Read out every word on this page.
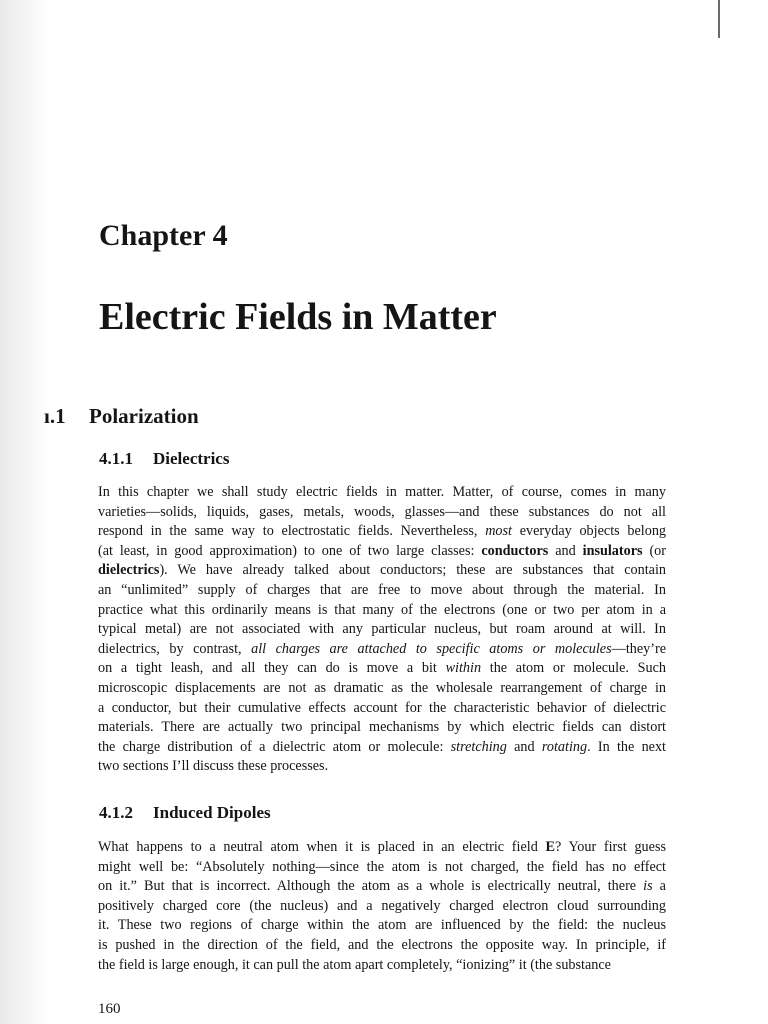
Chapter 4
Electric Fields in Matter
ı.1 Polarization
4.1.1 Dielectrics
In this chapter we shall study electric fields in matter. Matter, of course, comes in many
varieties—solids, liquids, gases, metals, woods, glasses—and these substances do not all
respond in the same way to electrostatic fields. Nevertheless, most everyday objects belong
(at least, in good approximation) to one of two large classes: conductors and insulators (or
dielectrics). We have already talked about conductors; these are substances that contain
an “unlimited” supply of charges that are free to move about through the material. In
practice what this ordinarily means is that many of the electrons (one or two per atom in a
typical metal) are not associated with any particular nucleus, but roam around at will. In
dielectrics, by contrast, all charges are attached to specific atoms or molecules—they’re
on a tight leash, and all they can do is move a bit within the atom or molecule. Such
microscopic displacements are not as dramatic as the wholesale rearrangement of charge in
a conductor, but their cumulative effects account for the characteristic behavior of dielectric
materials. There are actually two principal mechanisms by which electric fields can distort
the charge distribution of a dielectric atom or molecule: stretching and rotating. In the next
two sections I’ll discuss these processes.
4.1.2 Induced Dipoles
What happens to a neutral atom when it is placed in an electric field E? Your first guess
might well be: “Absolutely nothing—since the atom is not charged, the field has no effect
on it.” But that is incorrect. Although the atom as a whole is electrically neutral, there is a
positively charged core (the nucleus) and a negatively charged electron cloud surrounding
it. These two regions of charge within the atom are influenced by the field: the nucleus
is pushed in the direction of the field, and the electrons the opposite way. In principle, if
the field is large enough, it can pull the atom apart completely, “ionizing” it (the substance
160
